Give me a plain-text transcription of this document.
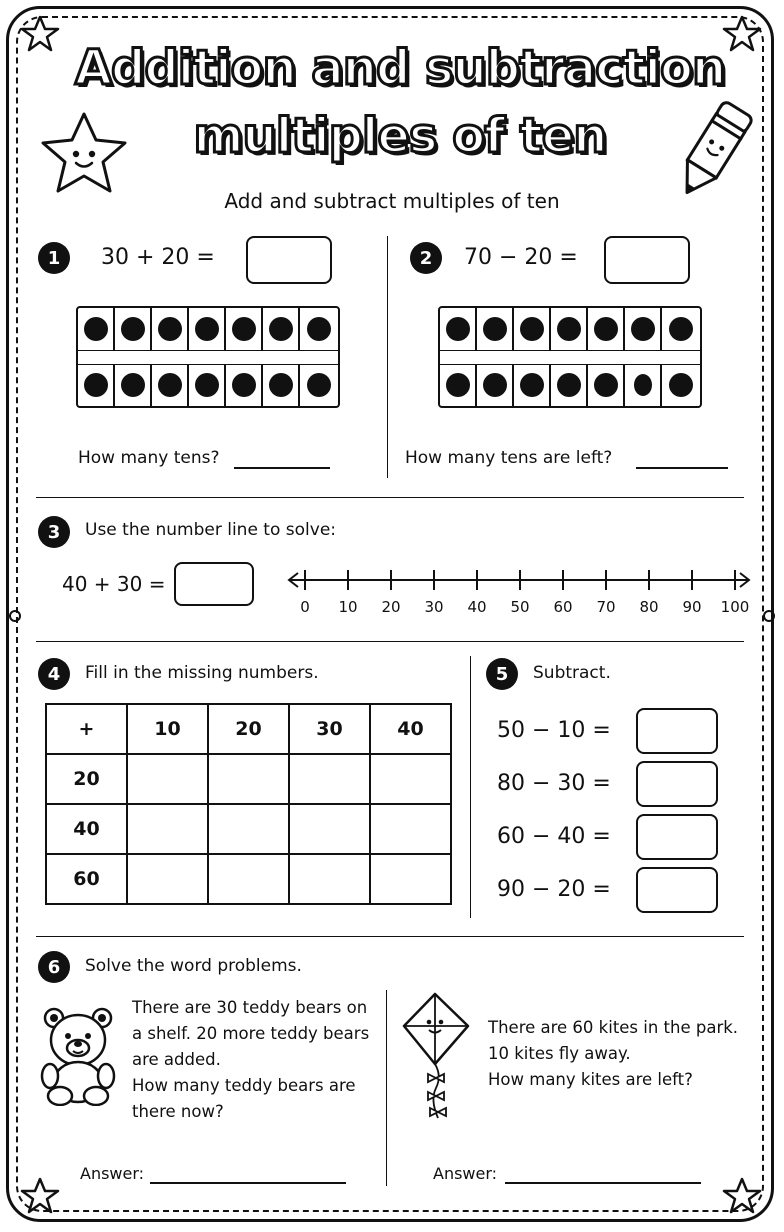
Addition and subtraction
multiples of ten
Add and subtract multiples of ten
1	30 + 20 =
How many tens?
2	70 − 20 =
How many tens are left?
3	Use the number line to solve:
40 + 30 =
0	10	20	30	40	50	60	70	80	90	100
4	Fill in the missing numbers.
+	10	20	30	40
20				
40				
60				
5	Subtract.
50 − 10 =
80 − 30 =
60 − 40 =
90 − 20 =
6	Solve the word problems.
There are 30 teddy bears on
a shelf. 20 more teddy bears
are added.
How many teddy bears are
there now?
There are 60 kites in the park.
10 kites fly away.
How many kites are left?
Answer:	Answer:
